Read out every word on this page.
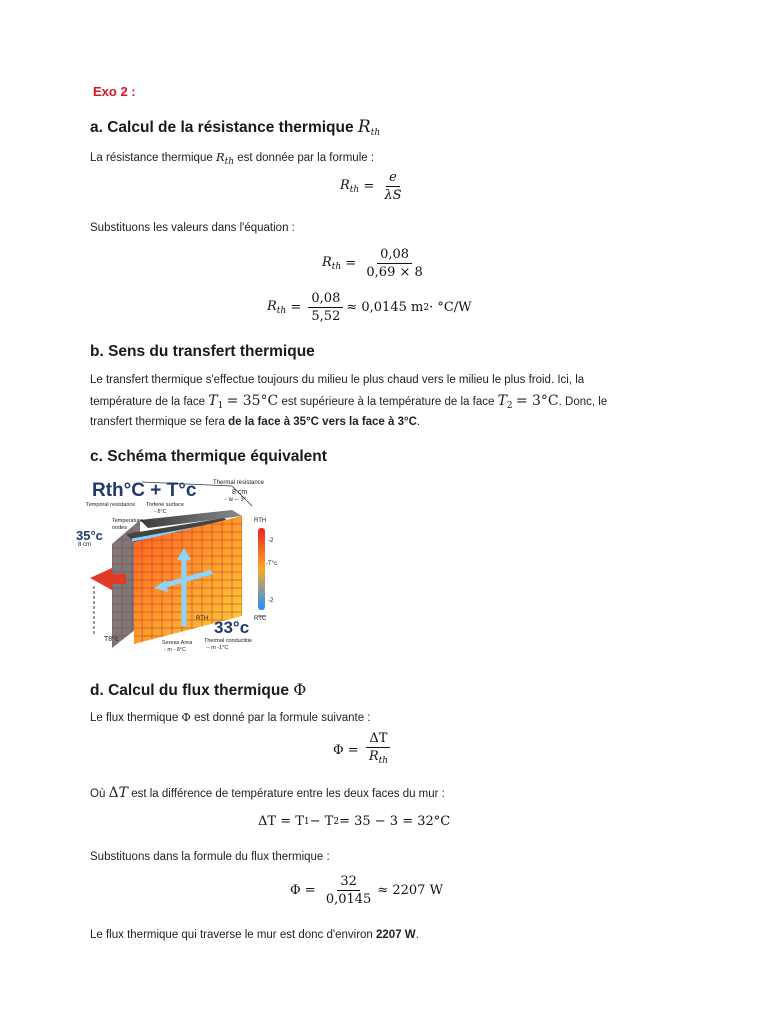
Exo 2 :
a. Calcul de la résistance thermique $R_{th}$
La résistance thermique $R_{th}$ est donnée par la formule :
$R_{th} = \frac{e}{\lambda S}$
Substituons les valeurs dans l'équation :
$R_{th} = \frac{0,08}{0,69 \times 8}$
$R_{th} = \frac{0,08}{5,52} \approx 0,0145$ m 2 · °C/W
b. Sens du transfert thermique
Le transfert thermique s'effectue toujours du milieu le plus chaud vers le milieu le plus froid. Ici, la
température de la face $T_1 = 35^\circ C$ est supérieure à la température de la face $T_2 = 3^\circ C$. Donc, le
transfert thermique se fera de la face à 35°C vers la face à 3°C.
c. Schéma thermique équivalent
Rth°C + T°c	Thermal resistance
8 cm
- w -- 3°
Temporal resistance Torfene surface
- δ°C
Temperature nodes
35°c
8 cm
RTH
-2
-T°c
-2
RTH 33°c RTC
T8°c	Sereas Area
- m - δ°C
Thermal conductitie
-- m -1°C
d. Calcul du flux thermique Φ
Le flux thermique Φ est donné par la formule suivante :
$\Phi = \frac{\Delta T}{R_{th}}$
Où ΔT est la différence de température entre les deux faces du mur :
ΔT = T 1 − T 2 = 35 − 3 = 32°C
Substituons dans la formule du flux thermique :
$\Phi = \frac{32}{0,0145} \approx 2207$ W
Le flux thermique qui traverse le mur est donc d'environ 2207 W.
